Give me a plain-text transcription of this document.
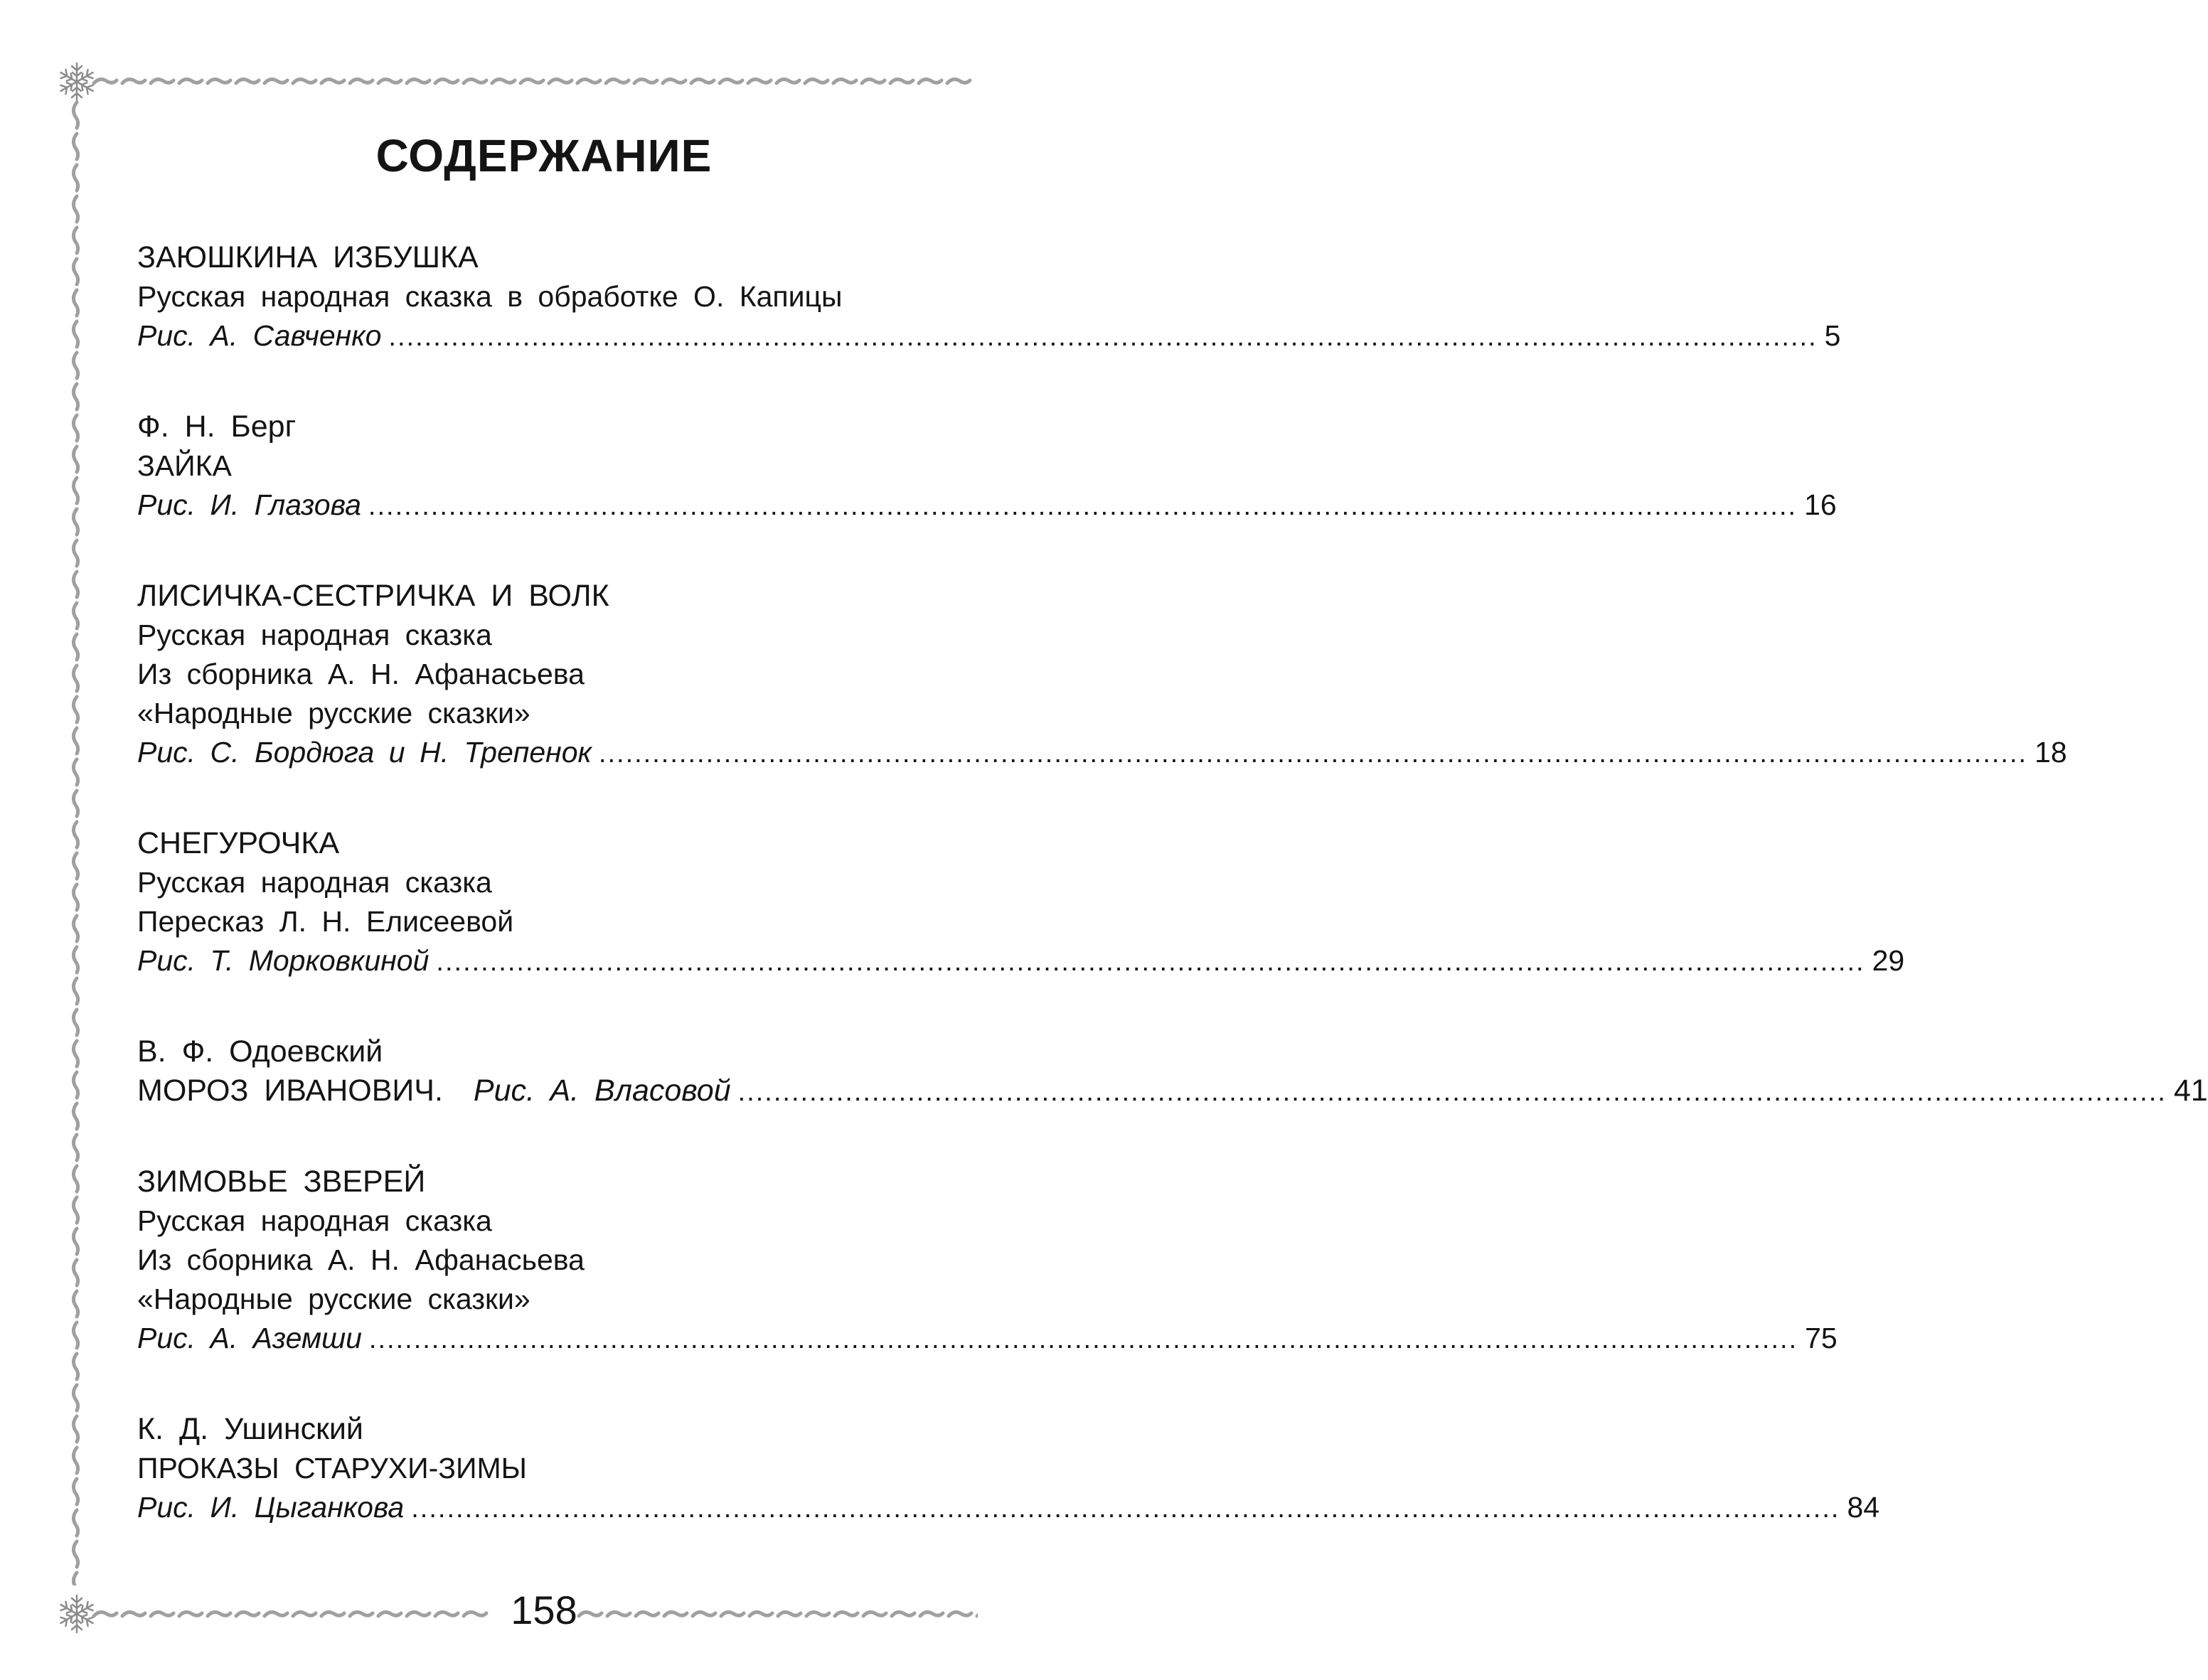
СОДЕРЖАНИЕ
ЗАЮШКИНА ИЗБУШКА
Русская народная сказка в обработке О. Капицы
Рис.  А. Савченко ................................................................................................................................................................ 5
Ф. Н. Берг
ЗАЙКА
Рис.  И. Глазова ................................................................................................................................................................ 16
ЛИСИЧКА-СЕСТРИЧКА И ВОЛК
Русская народная сказка
Из сборника А. Н. Афанасьева
«Народные русские сказки»
Рис.  С. Бордюга  и  Н. Трепенок ................................................................................................................................................................ 18
СНЕГУРОЧКА
Русская народная сказка
Пересказ Л. Н. Елисеевой
Рис.  Т. Морковкиной ................................................................................................................................................................ 29
В. Ф. Одоевский
МОРОЗ ИВАНОВИЧ.  Рис.  А. Власовой ................................................................................................................................................................ 41
ЗИМОВЬЕ ЗВЕРЕЙ
Русская народная сказка
Из сборника А. Н. Афанасьева
«Народные русские сказки»
Рис.  А. Аземши ................................................................................................................................................................ 75
К. Д. Ушинский
ПРОКАЗЫ СТАРУХИ-ЗИМЫ
Рис.  И. Цыганкова ................................................................................................................................................................ 84
158
